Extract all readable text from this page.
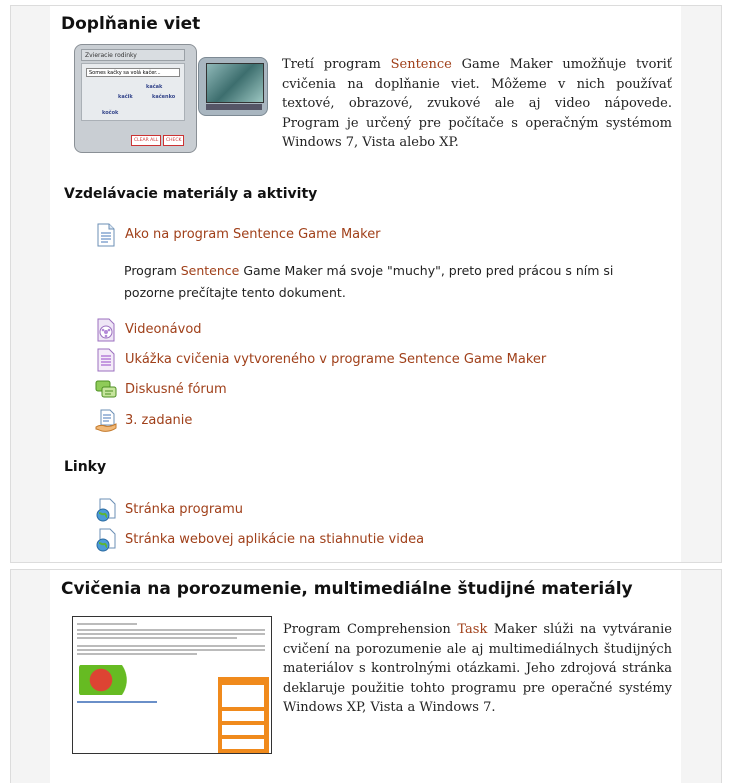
Doplňanie viet
Zvieracie rodinky
Somes kačky sa volá kačer...
kačak
kačik	kačenko
kočok
CLEAR ALL	CHECK
Tretí program Sentence Game Maker umožňuje tvoriť cvičenia na doplňanie viet. Môžeme v nich používať textové, obrazové, zvukové ale aj video nápovede. Program je určený pre počítače s operačným systémom Windows 7, Vista alebo XP.
Vzdelávacie materiály a aktivity
Ako na program Sentence Game Maker
Program Sentence Game Maker má svoje "muchy", preto pred prácou s ním si pozorne prečítajte tento dokument.
Videonávod
Ukážka cvičenia vytvoreného v programe Sentence Game Maker
Diskusné fórum
3. zadanie
Linky
Stránka programu
Stránka webovej aplikácie na stiahnutie videa
Cvičenia na porozumenie, multimediálne študijné materiály
Program Comprehension Task Maker slúži na vytváranie cvičení na porozumenie ale aj multimediálnych študijných materiálov s kontrolnými otázkami. Jeho zdrojová stránka deklaruje použitie tohto programu pre operačné systémy Windows XP, Vista a Windows 7.
